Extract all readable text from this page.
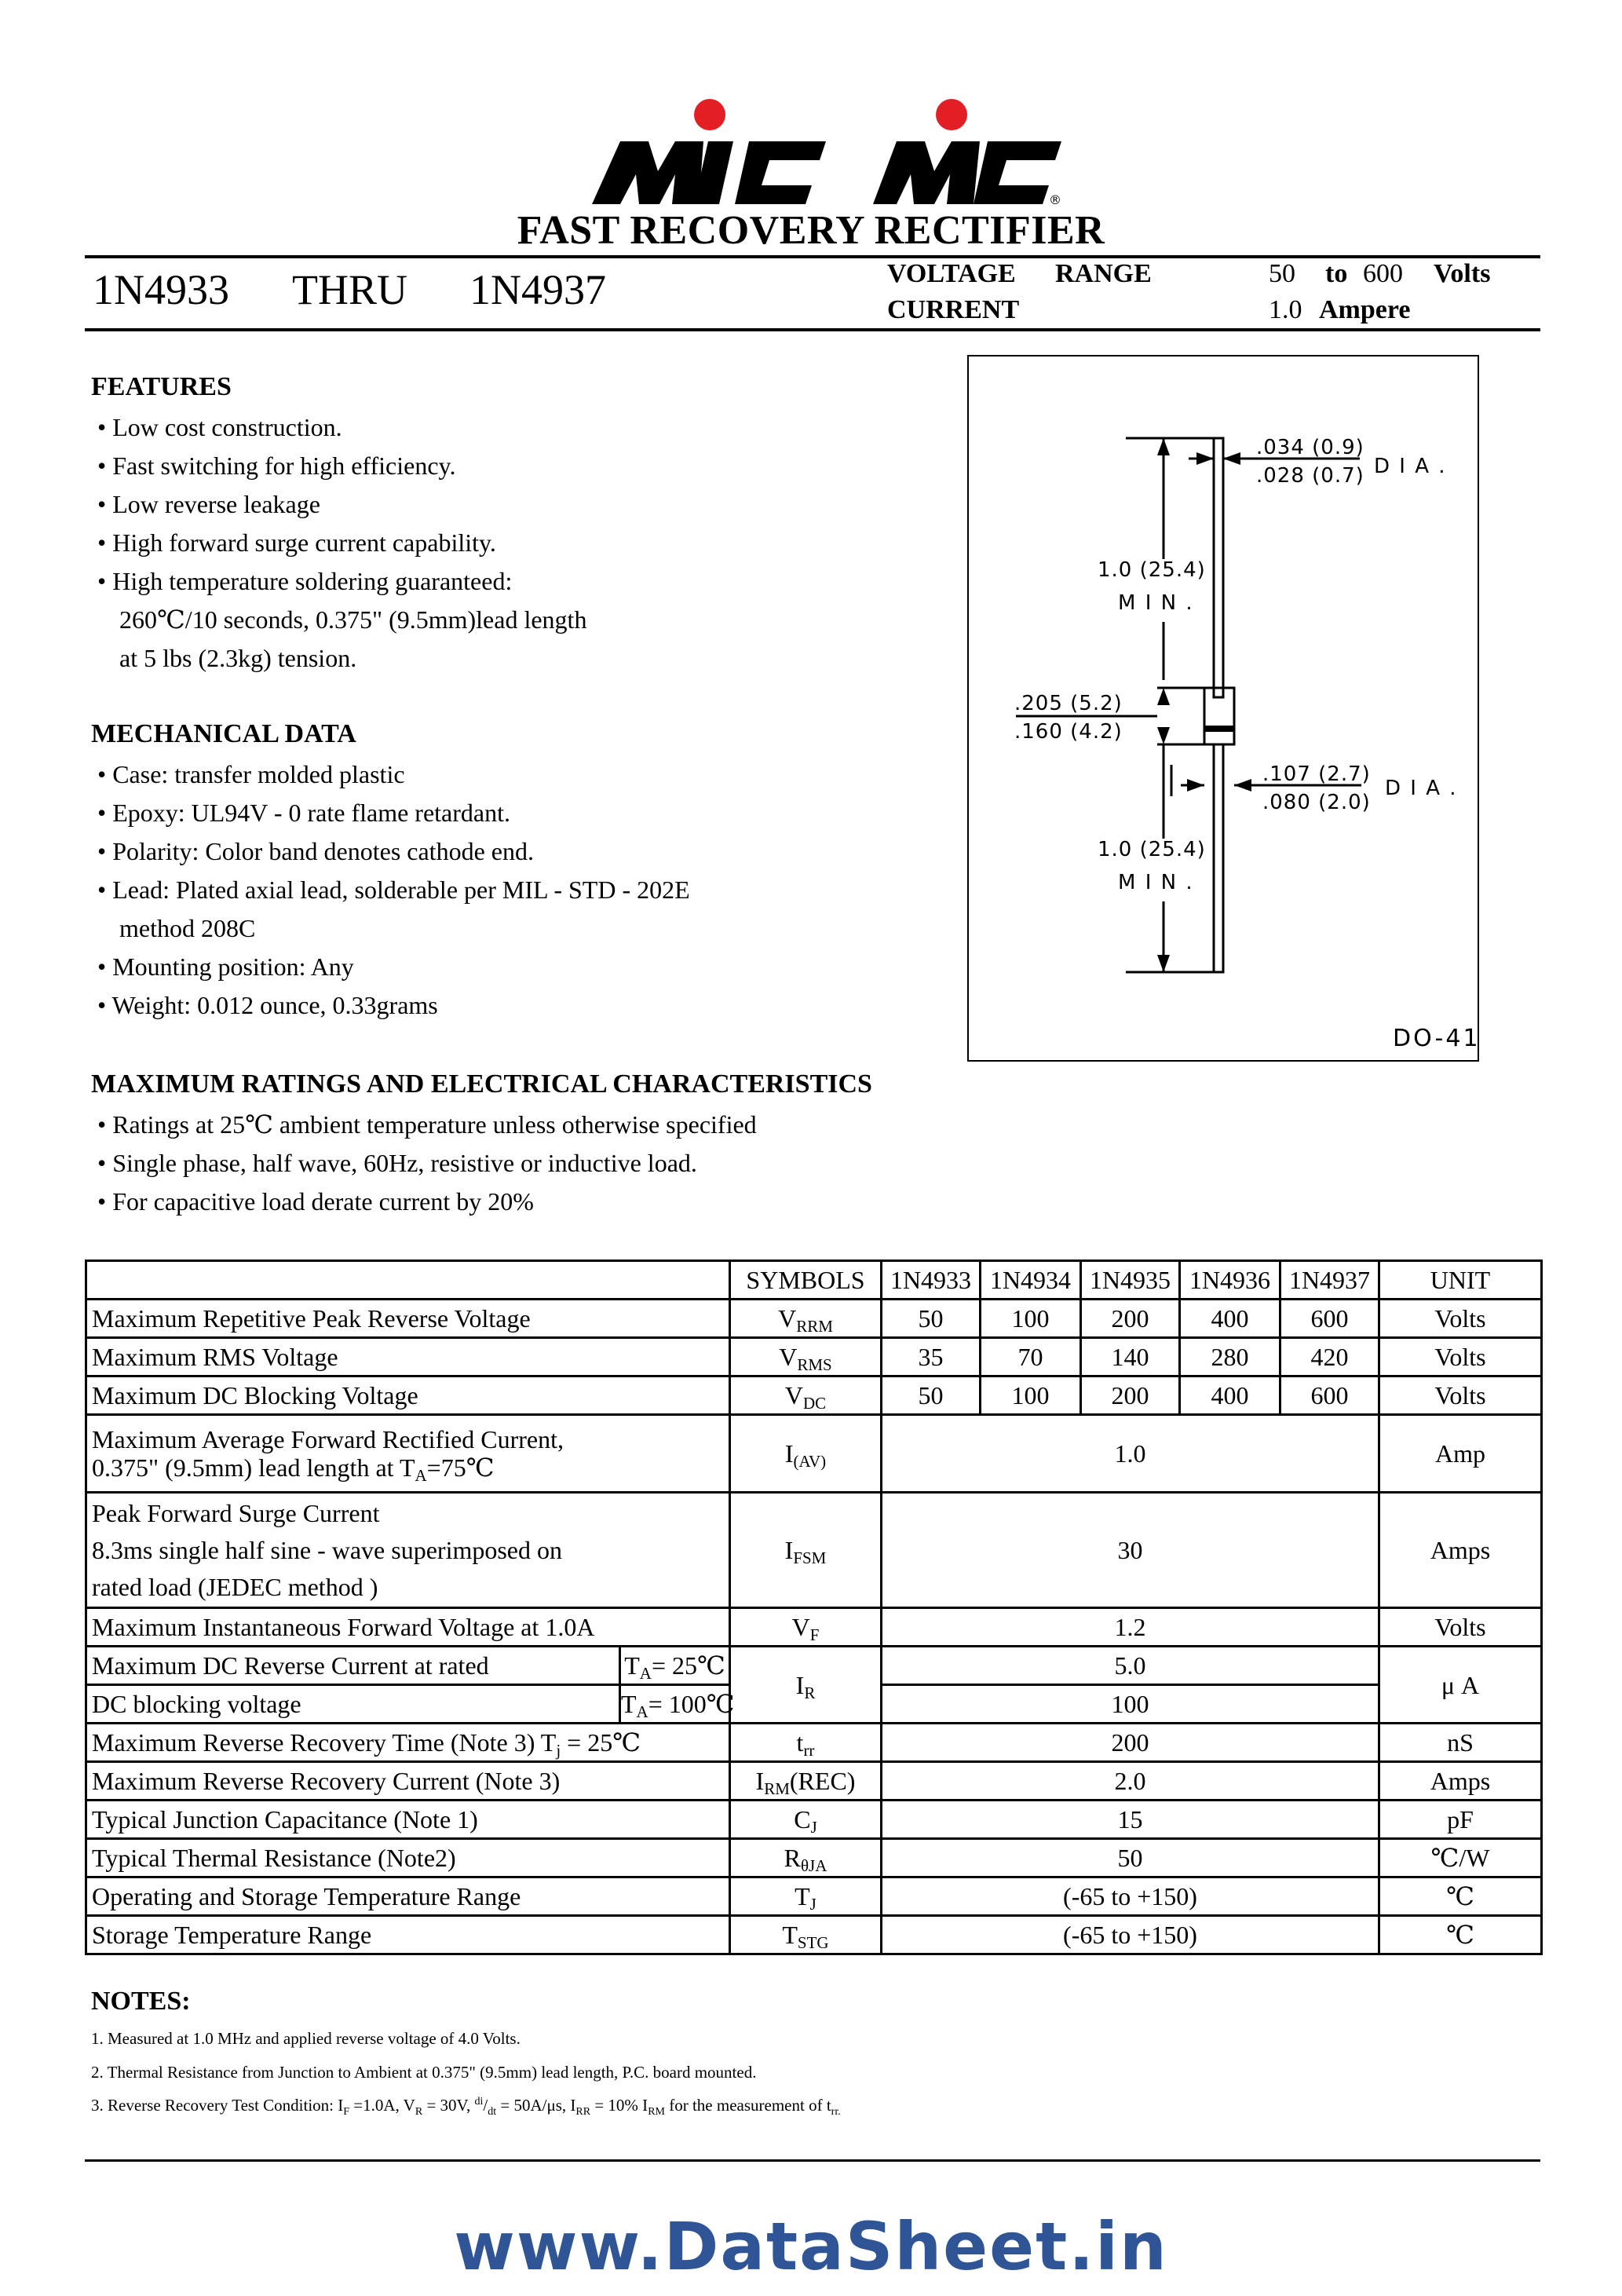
®
FAST RECOVERY RECTIFIER
1N4933 THRU 1N4937	VOLTAGE RANGE	50 to 600 Volts
CURRENT	1.0 Ampere
FEATURES
• Low cost construction.
• Fast switching for high efficiency.
• Low reverse leakage
• High forward surge current capability.
• High temperature soldering guaranteed:
260℃/10 seconds, 0.375" (9.5mm)lead length
at 5 lbs (2.3kg) tension.
MECHANICAL DATA
• Case: transfer molded plastic
• Epoxy: UL94V - 0 rate flame retardant.
• Polarity: Color band denotes cathode end.
• Lead: Plated axial lead, solderable per MIL - STD - 202E
method 208C
• Mounting position: Any
• Weight: 0.012 ounce, 0.33grams
MAXIMUM RATINGS AND ELECTRICAL CHARACTERISTICS
• Ratings at 25℃ ambient temperature unless otherwise specified
• Single phase, half wave, 60Hz, resistive or inductive load.
• For capacitive load derate current by 20%
.034 (0.9)
.028 (0.7) D I A .
1.0 (25.4)
M I N .
.205 (5.2)
.160 (4.2)
.107 (2.7)
.080 (2.0)
D I A .
1.0 (25.4)
M I N .
DO-41
		SYMBOLS	1N4933	1N4934	1N4935	1N4936	1N4937	UNIT
Maximum Repetitive Peak Reverse Voltage		$V_{RRM}$	50	100	200	400	600	Volts
Maximum RMS Voltage		$V_{RMS}$	35	70	140	280	420	Volts
Maximum DC Blocking Voltage		$V_{DC}$	50	100	200	400	600	Volts

Maximum Average Forward Rectified Current,
0.375" (9.5mm) lead length at $T_A=75℃$		$I_{(AV)}$	1.0					Amp

Peak Forward Surge Current
8.3ms single half sine - wave superimposed on
rated load (JEDEC method )		$I_{FSM}$	30					Amps
Maximum Instantaneous Forward Voltage at 1.0A		$V_F$	1.2					Volts
Maximum DC Reverse Current at rated	$T_A=$ 25℃	$I_R$	5.0					μ A
DC blocking voltage	$T_A=$ 100℃		100					
Maximum Reverse Recovery Time (Note 3) $T_j$ = 25℃		$t_{rr}$	200					nS
Maximum Reverse Recovery Current (Note 3)		$I_{RM}(REC)$	2.0					Amps
Typical Junction Capacitance (Note 1)		$C_J$	15					pF
Typical Thermal Resistance (Note2)		$R_{\theta JA}$	50					℃/W
Operating and Storage Temperature Range		$T_J$	(-65 to +150)					℃
Storage Temperature Range		$T_{STG}$	(-65 to +150)					℃
NOTES:
1. Measured at 1.0 MHz and applied reverse voltage of 4.0 Volts.
2. Thermal Resistance from Junction to Ambient at 0.375" (9.5mm) lead length, P.C. board mounted.
3. Reverse Recovery Test Condition: $I_F =1.0A$, $V_R = 30V$, $^{di}/_{dt} = 50A/\mu s$, $I_{RR} = 10\%$ $I_{RM}$ for the measurement of $t_{rr.}$
www.DataSheet.in
